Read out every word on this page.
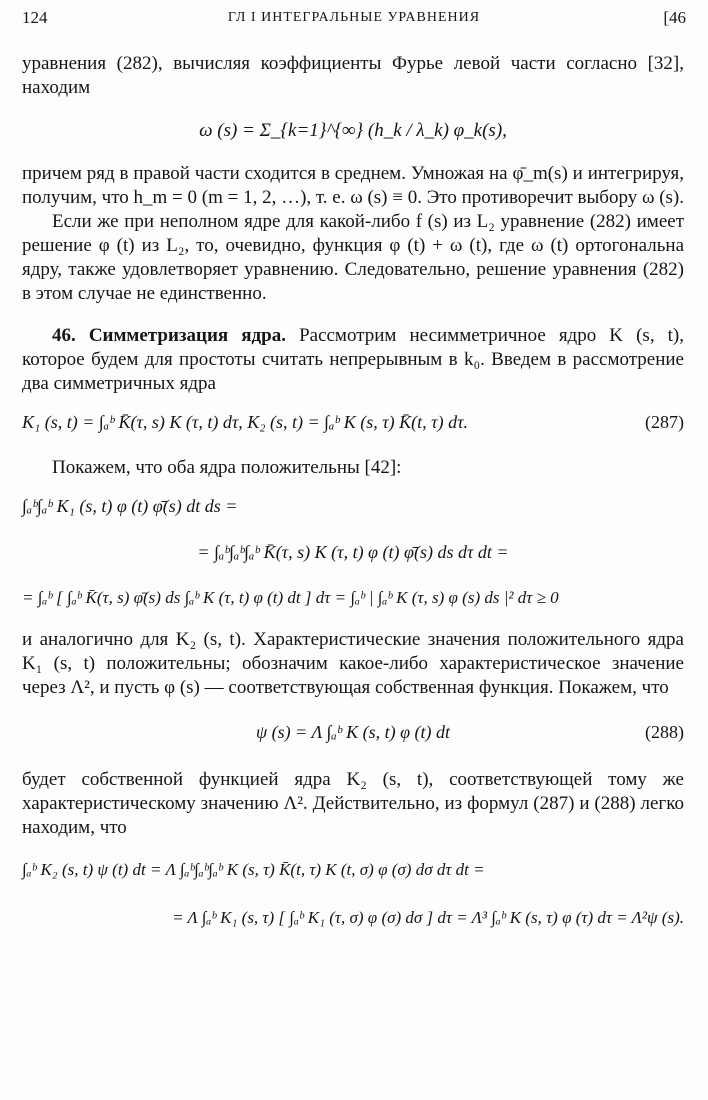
124	ГЛ I ИНТЕГРАЛЬНЫЕ УРАВНЕНИЯ	[46

уравнения (282), вычисляя коэффициенты Фурье левой части согласно [32], находим

ω (s) = Σ_{k=1}^{∞} (h_k / λ_k) φ_k(s),

причем ряд в правой части сходится в среднем. Умножая на φ̄_m(s) и интегрируя, получим, что h_m = 0 (m = 1, 2, …), т. е. ω (s) ≡ 0. Это противоречит выбору ω (s).

Если же при неполном ядре для какой-либо f (s) из L₂ уравнение (282) имеет решение φ (t) из L₂, то, очевидно, функция φ (t) + ω (t), где ω (t) ортогональна ядру, также удовлетворяет уравнению. Следовательно, решение уравнения (282) в этом случае не единственно.

46. Симметризация ядра. Рассмотрим несимметричное ядро K (s, t), которое будем для простоты считать непрерывным в k₀. Введем в рассмотрение два симметричных ядра

K₁ (s, t) = ∫ₐᵇ K̄(τ, s) K (τ, t) dτ, K₂ (s, t) = ∫ₐᵇ K (s, τ) K̄(t, τ) dτ.	(287)

Покажем, что оба ядра положительны [42]:

∫ₐᵇ∫ₐᵇ K₁ (s, t) φ (t) φ̄(s) dt ds =
= ∫ₐᵇ∫ₐᵇ∫ₐᵇ K̄(τ, s) K (τ, t) φ (t) φ̄(s) ds dτ dt =
= ∫ₐᵇ [ ∫ₐᵇ K̄(τ, s) φ̄(s) ds ∫ₐᵇ K (τ, t) φ (t) dt ] dτ = ∫ₐᵇ | ∫ₐᵇ K (τ, s) φ (s) ds |² dτ ≥ 0

и аналогично для K₂ (s, t). Характеристические значения положительного ядра K₁ (s, t) положительны; обозначим какое-либо характеристическое значение через Λ², и пусть φ (s) — соответствующая собственная функция. Покажем, что

ψ (s) = Λ ∫ₐᵇ K (s, t) φ (t) dt	(288)

будет собственной функцией ядра K₂ (s, t), соответствующей тому же характеристическому значению Λ². Действительно, из формул (287) и (288) легко находим, что

∫ₐᵇ K₂ (s, t) ψ (t) dt = Λ ∫ₐᵇ∫ₐᵇ∫ₐᵇ K (s, τ) K̄(t, τ) K (t, σ) φ (σ) dσ dτ dt =
= Λ ∫ₐᵇ K₁ (s, τ) [ ∫ₐᵇ K₁ (τ, σ) φ (σ) dσ ] dτ = Λ³ ∫ₐᵇ K (s, τ) φ (τ) dτ = Λ²ψ (s).
